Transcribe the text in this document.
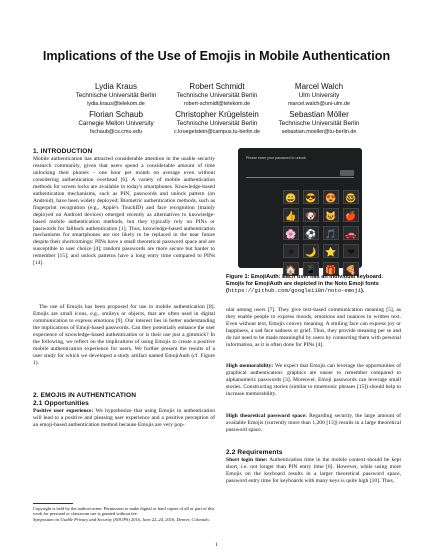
Implications of the Use of Emojis in Mobile Authentication
Lydia Kraus
Technische Universität Berlin
lydia.kraus@telekom.de
Robert Schmidt
Technische Universität Berlin
robert-schmidt@telekom.de
Marcel Walch
Ulm University
marcel.walch@uni-ulm.de
Florian Schaub
Carnegie Mellon University
fschaub@cs.cmu.edu
Christopher Krügelstein
Technische Universität Berlin
c.kruegelstein@campus.tu-berlin.de
Sebastian Möller
Technische Universität Berlin
sebastian.moeller@tu-berlin.de
1. INTRODUCTION
Mobile authentication has attracted considerable attention in the usable security research community, given that users spend a considerable amount of time unlocking their phones – one hour per month on average even without considering authentication overhead [6]. A variety of mobile authentication methods for screen locks are available in today's smartphones. Knowledge-based authentication mechanisms, such as PIN, passwords and unlock pattern (on Android), have been widely deployed; Biometric authentication methods, such as fingerprint recognition (e.g., Apple's TouchID) and face recognition (mainly deployed on Android devices) emerged recently as alternatives to knowledge-based mobile authentication methods, but they typically rely on PINs or passwords for fallback authentication [1]. Thus, knowledge-based authentication mechanisms for smartphones are not likely to be replaced in the near future despite their shortcomings: PINs have a small theoretical password space and are susceptible to user choice [4]; random passwords are more secure but harder to remember [15]; and unlock patterns have a long entry time compared to PINs [14].
The use of Emojis has been proposed for use in mobile authentication [8]. Emojis are small icons, e.g., smileys or objects, that are often used in digital communication to express emotions [9]. Our interest lies in better understanding the implications of Emoji-based passwords. Can they potentially enhance the user experience of knowledge-based authentication or is their use just a gimmick? In the following, we reflect on the implications of using Emojis to create a positive mobile authentication experience for users. We further present the results of a user study for which we developed a study artifact named EmojiAuth (cf. Figure 1).
2. EMOJIS IN AUTHENTICATION
2.1 Opportunities
Positive user experience: We hypothesize that using Emojis in authentication will lead to a positive and pleasing user experience and a positive perception of an emoji-based authentication method because Emojis are very pop-
Copyright is held by the author/owner. Permission to make digital or hard copies of all or part of this work for personal or classroom use is granted without fee.
Symposium on Usable Privacy and Security (SOUPS) 2016, June 22–24, 2016, Denver, Colorado.
Please enter your password to unlock
😀 😎 😍 🤓
👍 🐶 🐱 🍎
🌸 ⚽ 🎵 🚗
☀	🌙 ⭐	❤
🏠 📱 🎁 🍕
Figure 1: EmojiAuth: Each user has an individual keyboard. Emojis for EmojiAuth are depicted in the Noto Emoji fonts (https://github.com/googlei18n/noto-emoji).
ular among users [7]. They give text-based communication meaning [5], as they enable people to express moods, emotions and nuances in written text. Even without text, Emojis convey meaning. A smiling face can express joy or happiness, a sad face sadness or grief. Thus, they provide meaning per se and do not need to be made meaningful by users by connecting them with personal information, as it is often done for PINs [4].
High memorability: We expect that Emojis can leverage the opportunities of graphical authentication: graphics are easier to remember compared to alphanumeric passwords [3]. Moreover, Emoji passwords can leverage small stories. Constructing stories (similar to mnemonic phrases [15]) should help to increase memorability.
High theoretical password space: Regarding security, the large amount of available Emojis (currently more than 1,200 [13]) results in a large theoretical password space.
2.2 Requirements
Short login time: Authentication time in the mobile context should be kept short, i.e. not longer than PIN entry time [6]. However, while using more Emojis on the keyboard results in a larger theoretical password space, password entry time for keyboards with many keys is quite high [10]. Thus,
1
